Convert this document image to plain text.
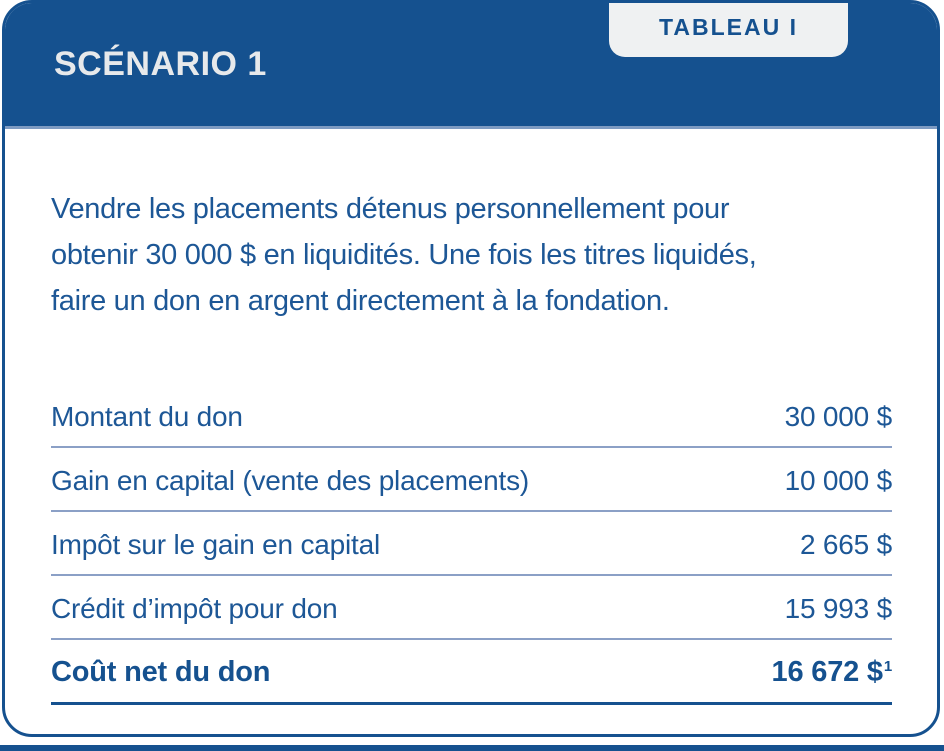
SCÉNARIO 1
Vendre les placements détenus personnellement pour
obtenir 30 000 $ en liquidités. Une fois les titres liquidés,
faire un don en argent directement à la fondation.
Montant du don	30 000 $
Gain en capital (vente des placements)	10 000 $
Impôt sur le gain en capital	2 665 $
Crédit d’impôt pour don	15 993 $
Coût net du don	16 672 \$$^1$
TABLEAU I
